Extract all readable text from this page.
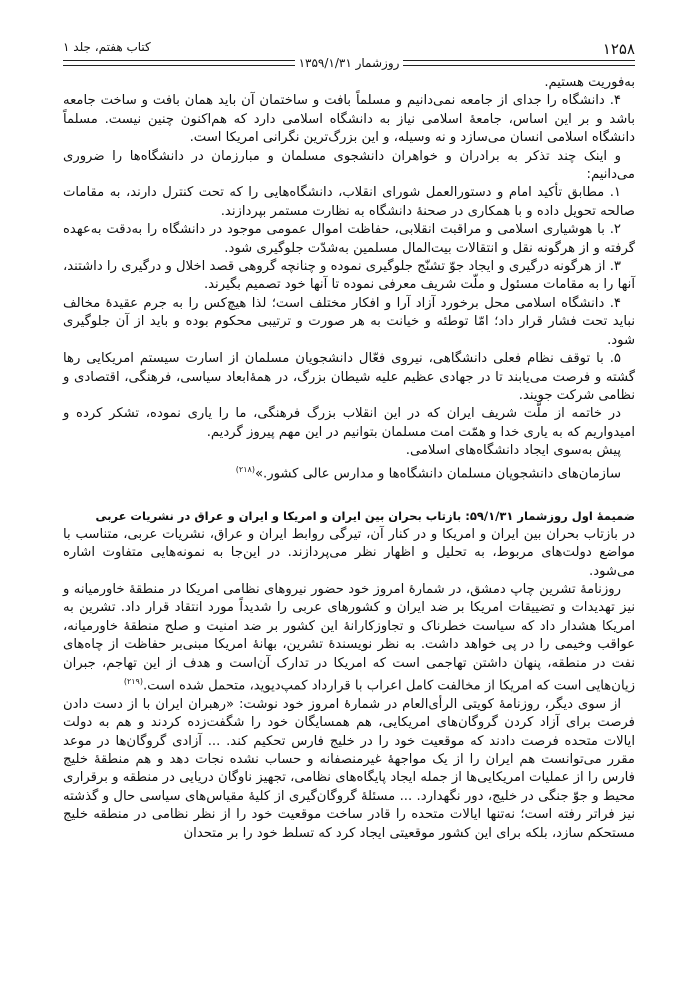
کتاب هفتم، جلد ۱
روزشمار ۱۳۵۹/۱/۳۱
۱۲۵۸

به‌فوریت هستیم.

۴. دانشگاه را جدای از جامعه نمی‌دانیم و مسلماً بافت و ساختمان آن باید همان بافت و ساخت جامعه باشد و بر این اساس، جامعهٔ اسلامی نیاز به دانشگاه اسلامی دارد که هم‌اکنون چنین نیست. مسلماً دانشگاه اسلامی انسان می‌سازد و نه وسیله، و این بزرگ‌ترین نگرانی امریکا است.

و اینک چند تذکر به برادران و خواهران دانشجوی مسلمان و مبارزمان در دانشگاه‌ها را ضروری می‌دانیم:

۱. مطابق تأکید امام و دستورالعمل شورای انقلاب، دانشگاه‌هایی را که تحت کنترل دارند، به مقامات صالحه تحویل داده و با همکاری در صحنهٔ دانشگاه به نظارت مستمر بپردازند.

۲. با هوشیاری اسلامی و مراقبت انقلابی، حفاظت اموال عمومی موجود در دانشگاه را به‌دقت به‌عهده گرفته و از هرگونه نقل و انتقالات بیت‌المال مسلمین به‌شدّت جلوگیری شود.

۳. از هرگونه درگیری و ایجاد جوّ تشنّج جلوگیری نموده و چنانچه گروهی قصد اخلال و درگیری را داشتند، آنها را به مقامات مسئول و ملّت شریف معرفی نموده تا آنها خود تصمیم بگیرند.

۴. دانشگاه اسلامی محل برخورد آزاد آرا و افکار مختلف است؛ لذا هیچ‌کس را به جرم عقیدهٔ مخالف نباید تحت فشار قرار داد؛ امّا توطئه و خیانت به هر صورت و ترتیبی محکوم بوده و باید از آن جلوگیری شود.

۵. با توقف نظام فعلی دانشگاهی، نیروی فعّال دانشجویان مسلمان از اسارت سیستم امریکایی رها گشته و فرصت می‌یابند تا در جهادی عظیم علیه شیطان بزرگ، در همهٔ‌ابعاد سیاسی، فرهنگی، اقتصادی و نظامی شرکت جویند.

در خاتمه از ملّت شریف ایران که در این انقلاب بزرگ فرهنگی، ما را یاری نموده، تشکر کرده و امیدواریم که به یاری خدا و همّت امت مسلمان بتوانیم در این مهم پیروز گردیم.

پیش به‌سوی ایجاد دانشگاه‌های اسلامی.

سازمان‌های دانشجویان مسلمان دانشگاه‌ها و مدارس عالی کشور.»$^{(۲۱۸)}$

ضمیمهٔ اول روزشمار ۵۹/۱/۳۱: بازتاب بحران بین ایران و امریکا و ایران و عراق در نشریات عربی

در بازتاب بحران بین ایران و امریکا و در کنار آن، تیرگی روابط ایران و عراق، نشریات عربی، متناسب با مواضع دولت‌های مربوط، به تحلیل و اظهار نظر می‌پردازند. در این‌جا به نمونه‌هایی متفاوت اشاره می‌شود.

روزنامهٔ تشرین چاپ دمشق، در شمارهٔ امروز خود حضور نیروهای نظامی امریکا در منطقهٔ خاورمیانه و نیز تهدیدات و تضییقات امریکا بر ضد ایران و کشورهای عربی را شدیداً مورد انتقاد قرار داد. تشرین به امریکا هشدار داد که سیاست خطرناک و تجاوزکارانهٔ این کشور بر ضد امنیت و صلح منطقهٔ خاورمیانه، عواقب وخیمی را در پی خواهد داشت. به نظر نویسندهٔ تشرین، بهانهٔ امریکا مبنی‌بر حفاظت از چاه‌های نفت در منطقه، پنهان داشتن تهاجمی است که امریکا در تدارک آن‌است و هدف از این تهاجم، جبران زیان‌هایی است که امریکا از مخالفت کامل اعراب با قرارداد کمپ‌دیوید، متحمل شده است.$^{(۲۱۹)}$

از سوی دیگر، روزنامهٔ کویتی الرأی‌العام در شمارهٔ امروز خود نوشت: «رهبران ایران با از دست دادن فرصت برای آزاد کردن گروگان‌های امریکایی، هم همسایگان خود را شگفت‌زده کردند و هم به دولت ایالات متحده فرصت دادند که موقعیت خود را در خلیج فارس تحکیم کند. ... آزادی گروگان‌ها در موعد مقرر می‌توانست هم ایران را از یک مواجههٔ غیرمنصفانه و حساب نشده نجات دهد و هم منطقهٔ خلیج فارس را از عملیات امریکایی‌ها از جمله ایجاد پایگاه‌های نظامی، تجهیز ناوگان دریایی در منطقه و برقراری محیط و جوّ جنگی در خلیج، دور نگهدارد. ... مسئلهٔ گروگان‌گیری از کلیهٔ مقیاس‌های سیاسی حال و گذشته نیز فراتر رفته است؛ نه‌تنها ایالات متحده را قادر ساخت موقعیت خود را از نظر نظامی در منطقه خلیج مستحکم سازد، بلکه برای این کشور موقعیتی ایجاد کرد که تسلط خود را بر متحدان
